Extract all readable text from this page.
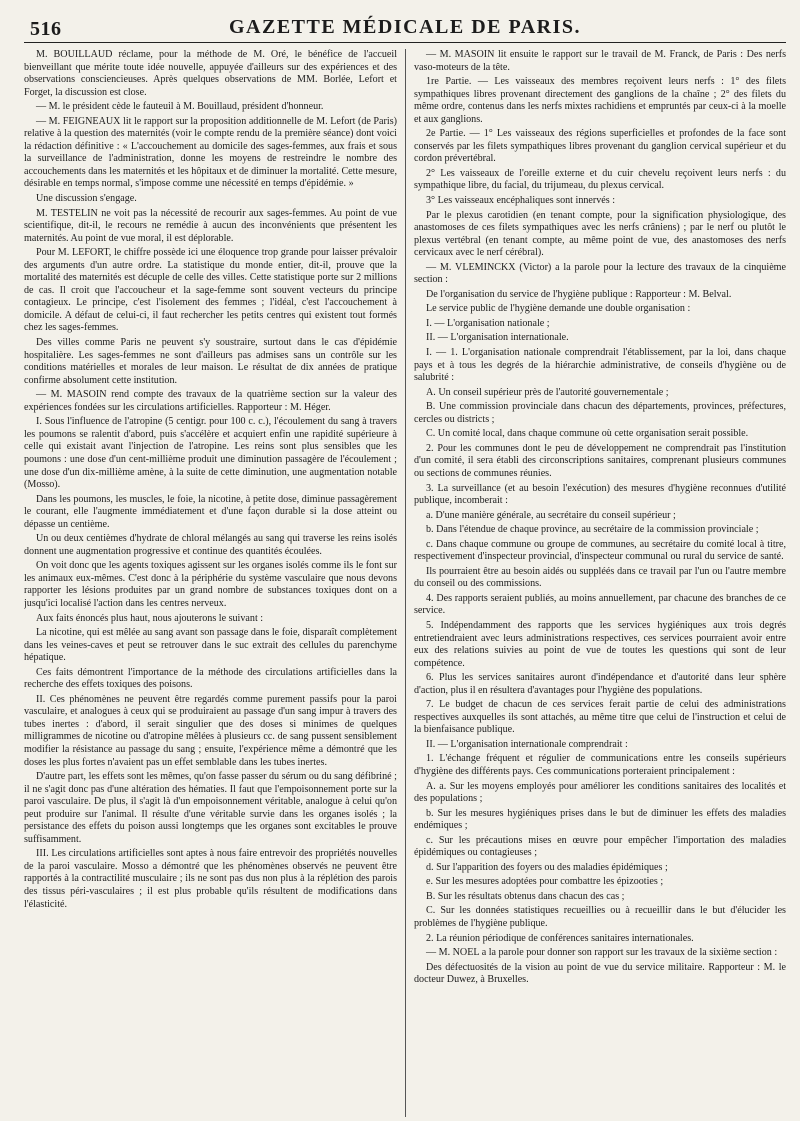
516	GAZETTE MÉDICALE DE PARIS.

M. BOUILLAUD réclame, pour la méthode de M. Oré, le bénéfice de l'accueil bienveillant que mérite toute idée nouvelle, appuyée d'ailleurs sur des expériences et des observations consciencieuses. Après quelques observations de MM. Borlée, Lefort et Forget, la discussion est close.

— M. le président cède le fauteuil à M. Bouillaud, président d'honneur.

— M. FEIGNEAUX lit le rapport sur la proposition additionnelle de M. Lefort (de Paris) relative à la question des maternités (voir le compte rendu de la première séance) dont voici la rédaction définitive : « L'accouchement au domicile des sages-femmes, aux frais et sous la surveillance de l'administration, donne les moyens de restreindre le nombre des accouchements dans les maternités et les hôpitaux et de diminuer la mortalité. Cette mesure, désirable en temps normal, s'impose comme une nécessité en temps d'épidémie. »

Une discussion s'engage.

M. TESTELIN ne voit pas la nécessité de recourir aux sages-femmes. Au point de vue scientifique, dit-il, le recours ne remédie à aucun des inconvénients que présentent les maternités. Au point de vue moral, il est déplorable.

Pour M. LEFORT, le chiffre possède ici une éloquence trop grande pour laisser prévaloir des arguments d'un autre ordre. La statistique du monde entier, dit-il, prouve que la mortalité des maternités est décuple de celle des villes. Cette statistique porte sur 2 millions de cas. Il croit que l'accoucheur et la sage-femme sont souvent vecteurs du principe contagieux. Le principe, c'est l'isolement des femmes ; l'idéal, c'est l'accouchement à domicile. A défaut de celui-ci, il faut rechercher les petits centres qui existent tout formés chez les sages-femmes.

Des villes comme Paris ne peuvent s'y soustraire, surtout dans le cas d'épidémie hospitalière. Les sages-femmes ne sont d'ailleurs pas admises sans un contrôle sur les conditions matérielles et morales de leur maison. Le résultat de dix années de pratique confirme absolument cette institution.

— M. MASOIN rend compte des travaux de la quatrième section sur la valeur des expériences fondées sur les circulations artificielles. Rapporteur : M. Héger.

I. Sous l'influence de l'atropine (5 centigr. pour 100 c. c.), l'écoulement du sang à travers les poumons se ralentit d'abord, puis s'accélère et acquiert enfin une rapidité supérieure à celle qui existait avant l'injection de l'atropine. Les reins sont plus sensibles que les poumons : une dose d'un cent-millième produit une diminution passagère de l'écoulement ; une dose d'un dix-millième amène, à la suite de cette diminution, une augmentation notable (Mosso).

Dans les poumons, les muscles, le foie, la nicotine, à petite dose, diminue passagèrement le courant, elle l'augmente immédiatement et d'une façon durable si la dose atteint ou dépasse un centième.

Un ou deux centièmes d'hydrate de chloral mélangés au sang qui traverse les reins isolés donnent une augmentation progressive et continue des quantités écoulées.

On voit donc que les agents toxiques agissent sur les organes isolés comme ils le font sur les animaux eux-mêmes. C'est donc à la périphérie du système vasculaire que nous devons rapporter les lésions produites par un grand nombre de substances toxiques dont on a jusqu'ici localisé l'action dans les centres nerveux.

Aux faits énoncés plus haut, nous ajouterons le suivant :

La nicotine, qui est mêlée au sang avant son passage dans le foie, disparaît complètement dans les veines-caves et peut se retrouver dans le suc extrait des cellules du parenchyme hépatique.

Ces faits démontrent l'importance de la méthode des circulations artificielles dans la recherche des effets toxiques des poisons.

II. Ces phénomènes ne peuvent être regardés comme purement passifs pour la paroi vasculaire, et analogues à ceux qui se produiraient au passage d'un sang impur à travers des tubes inertes : d'abord, il serait singulier que des doses si minimes de quelques milligrammes de nicotine ou d'atropine mêlées à plusieurs cc. de sang pussent sensiblement modifier la résistance au passage du sang ; ensuite, l'expérience même a démontré que les doses les plus fortes n'avaient pas un effet semblable dans les tubes inertes.

D'autre part, les effets sont les mêmes, qu'on fasse passer du sérum ou du sang défibriné ; il ne s'agit donc pas d'une altération des hématies. Il faut que l'empoisonnement porte sur la paroi vasculaire. De plus, il s'agit là d'un empoisonnement véritable, analogue à celui qu'on peut produire sur l'animal. Il résulte d'une véritable survie dans les organes isolés ; la persistance des effets du poison aussi longtemps que les organes sont excitables le prouve suffisamment.

III. Les circulations artificielles sont aptes à nous faire entrevoir des propriétés nouvelles de la paroi vasculaire. Mosso a démontré que les phénomènes observés ne peuvent être rapportés à la contractilité musculaire ; ils ne sont pas dus non plus à la réplétion des parois des tissus péri-vasculaires ; il est plus probable qu'ils résultent de modifications dans l'élasticité.

— M. MASOIN lit ensuite le rapport sur le travail de M. Franck, de Paris : Des nerfs vaso-moteurs de la tête.

1re Partie. — Les vaisseaux des membres reçoivent leurs nerfs : 1° des filets sympathiques libres provenant directement des ganglions de la chaîne ; 2° des filets du même ordre, contenus dans les nerfs mixtes rachidiens et empruntés par ceux-ci à la moelle et aux ganglions.

2e Partie. — 1° Les vaisseaux des régions superficielles et profondes de la face sont conservés par les filets sympathiques libres provenant du ganglion cervical supérieur et du cordon prévertébral.

2° Les vaisseaux de l'oreille externe et du cuir chevelu reçoivent leurs nerfs : du sympathique libre, du facial, du trijumeau, du plexus cervical.

3° Les vaisseaux encéphaliques sont innervés :

Par le plexus carotidien (en tenant compte, pour la signification physiologique, des anastomoses de ces filets sympathiques avec les nerfs crâniens) ; par le nerf ou plutôt le plexus vertébral (en tenant compte, au même point de vue, des anastomoses des nerfs cervicaux avec le nerf cérébral).

— M. VLEMINCKX (Victor) a la parole pour la lecture des travaux de la cinquième section :

De l'organisation du service de l'hygiène publique : Rapporteur : M. Belval.

Le service public de l'hygiène demande une double organisation :

I. — L'organisation nationale ;

II. — L'organisation internationale.

I. — 1. L'organisation nationale comprendrait l'établissement, par la loi, dans chaque pays et à tous les degrés de la hiérarchie administrative, de conseils d'hygiène ou de salubrité :

A. Un conseil supérieur près de l'autorité gouvernementale ;

B. Une commission provinciale dans chacun des départements, provinces, préfectures, cercles ou districts ;

C. Un comité local, dans chaque commune où cette organisation serait possible.

2. Pour les communes dont le peu de développement ne comprendrait pas l'institution d'un comité, il sera établi des circonscriptions sanitaires, comprenant plusieurs communes ou sections de communes réunies.

3. La surveillance (et au besoin l'exécution) des mesures d'hygiène reconnues d'utilité publique, incomberait :

a. D'une manière générale, au secrétaire du conseil supérieur ;

b. Dans l'étendue de chaque province, au secrétaire de la commission provinciale ;

c. Dans chaque commune ou groupe de communes, au secrétaire du comité local à titre, respectivement d'inspecteur provincial, d'inspecteur communal ou rural du service de santé.

Ils pourraient être au besoin aidés ou suppléés dans ce travail par l'un ou l'autre membre du conseil ou des commissions.

4. Des rapports seraient publiés, au moins annuellement, par chacune des branches de ce service.

5. Indépendamment des rapports que les services hygiéniques aux trois degrés entretiendraient avec leurs administrations respectives, ces services pourraient avoir entre eux des relations suivies au point de vue de toutes les questions qui sont de leur compétence.

6. Plus les services sanitaires auront d'indépendance et d'autorité dans leur sphère d'action, plus il en résultera d'avantages pour l'hygiène des populations.

7. Le budget de chacun de ces services ferait partie de celui des administrations respectives auxquelles ils sont attachés, au même titre que celui de l'instruction et celui de la bienfaisance publique.

II. — L'organisation internationale comprendrait :

1. L'échange fréquent et régulier de communications entre les conseils supérieurs d'hygiène des différents pays. Ces communications porteraient principalement :

A. a. Sur les moyens employés pour améliorer les conditions sanitaires des localités et des populations ;

b. Sur les mesures hygiéniques prises dans le but de diminuer les effets des maladies endémiques ;

c. Sur les précautions mises en œuvre pour empêcher l'importation des maladies épidémiques ou contagieuses ;

d. Sur l'apparition des foyers ou des maladies épidémiques ;

e. Sur les mesures adoptées pour combattre les épizooties ;

B. Sur les résultats obtenus dans chacun des cas ;

C. Sur les données statistiques recueillies ou à recueillir dans le but d'élucider les problèmes de l'hygiène publique.

2. La réunion périodique de conférences sanitaires internationales.

— M. NOEL a la parole pour donner son rapport sur les travaux de la sixième section :

Des défectuosités de la vision au point de vue du service militaire. Rapporteur : M. le docteur Duwez, à Bruxelles.
